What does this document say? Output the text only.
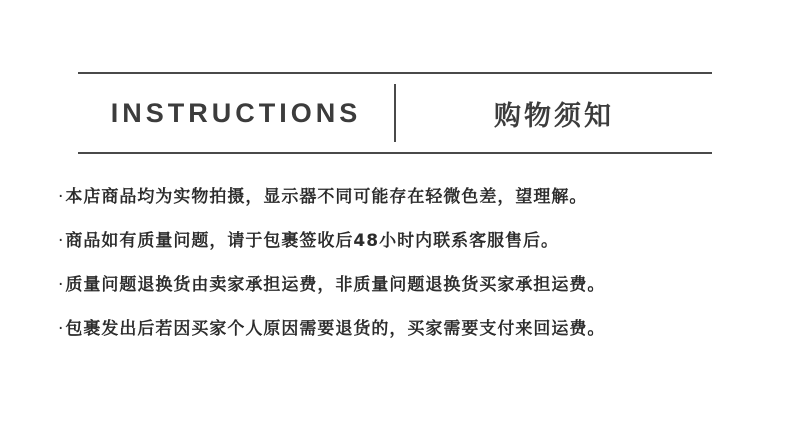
INSTRUCTIONS	购物须知
· 本店商品均为实物拍摄，显示器不同可能存在轻微色差，望理解。
· 商品如有质量问题，请于包裹签收后48小时内联系客服售后。
· 质量问题退换货由卖家承担运费，非质量问题退换货买家承担运费。
· 包裹发出后若因买家个人原因需要退货的，买家需要支付来回运费。
